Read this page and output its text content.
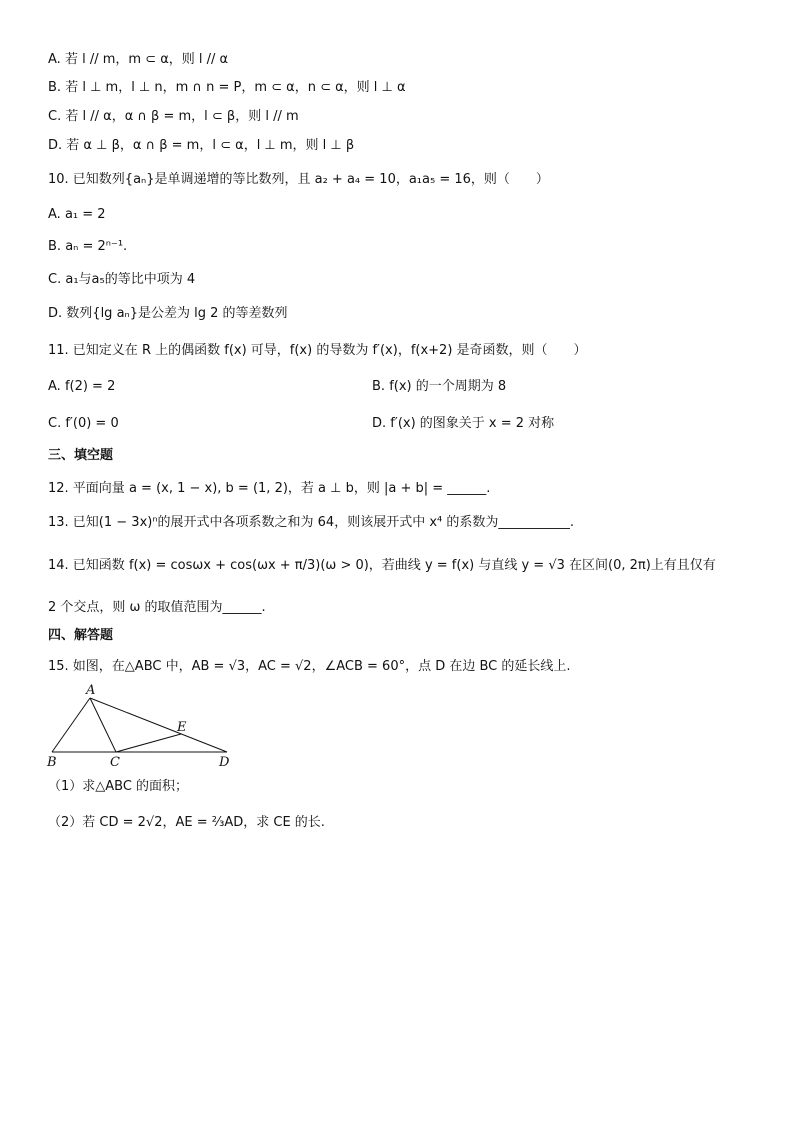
A. 若 l // m，m ⊂ α，则 l // α
B. 若 l ⊥ m，l ⊥ n，m ∩ n = P，m ⊂ α，n ⊂ α，则 l ⊥ α
C. 若 l // α，α ∩ β = m，l ⊂ β，则 l // m
D. 若 α ⊥ β，α ∩ β = m，l ⊂ α，l ⊥ m，则 l ⊥ β
10. 已知数列{aₙ}是单调递增的等比数列，且 a₂ + a₄ = 10，a₁a₅ = 16，则（　　）
A. a₁ = 2
B. aₙ = 2ⁿ⁻¹.
C. a₁与a₅的等比中项为 4
D. 数列{lg aₙ}是公差为 lg 2 的等差数列
11. 已知定义在 R 上的偶函数 f(x) 可导，f(x) 的导数为 f′(x)，f(x+2) 是奇函数，则（　　）
A. f(2) = 2	B. f(x) 的一个周期为 8
C. f′(0) = 0	D. f′(x) 的图象关于 x = 2 对称
三、填空题
12. 平面向量 a = (x, 1 − x), b = (1, 2)，若 a ⊥ b，则 |a + b| = ______.
13. 已知(1 − 3x)ⁿ的展开式中各项系数之和为 64，则该展开式中 x⁴ 的系数为___________.
14. 已知函数 f(x) = cosωx + cos(ωx + π/3)(ω > 0)，若曲线 y = f(x) 与直线 y = √3 在区间(0, 2π)上有且仅有
2 个交点，则 ω 的取值范围为______.
四、解答题
15. 如图，在△ABC 中，AB = √3，AC = √2，∠ACB = 60°，点 D 在边 BC 的延长线上.
A
B	C	D
E
（1）求△ABC 的面积；
（2）若 CD = 2√2，AE = ⅔AD，求 CE 的长.
